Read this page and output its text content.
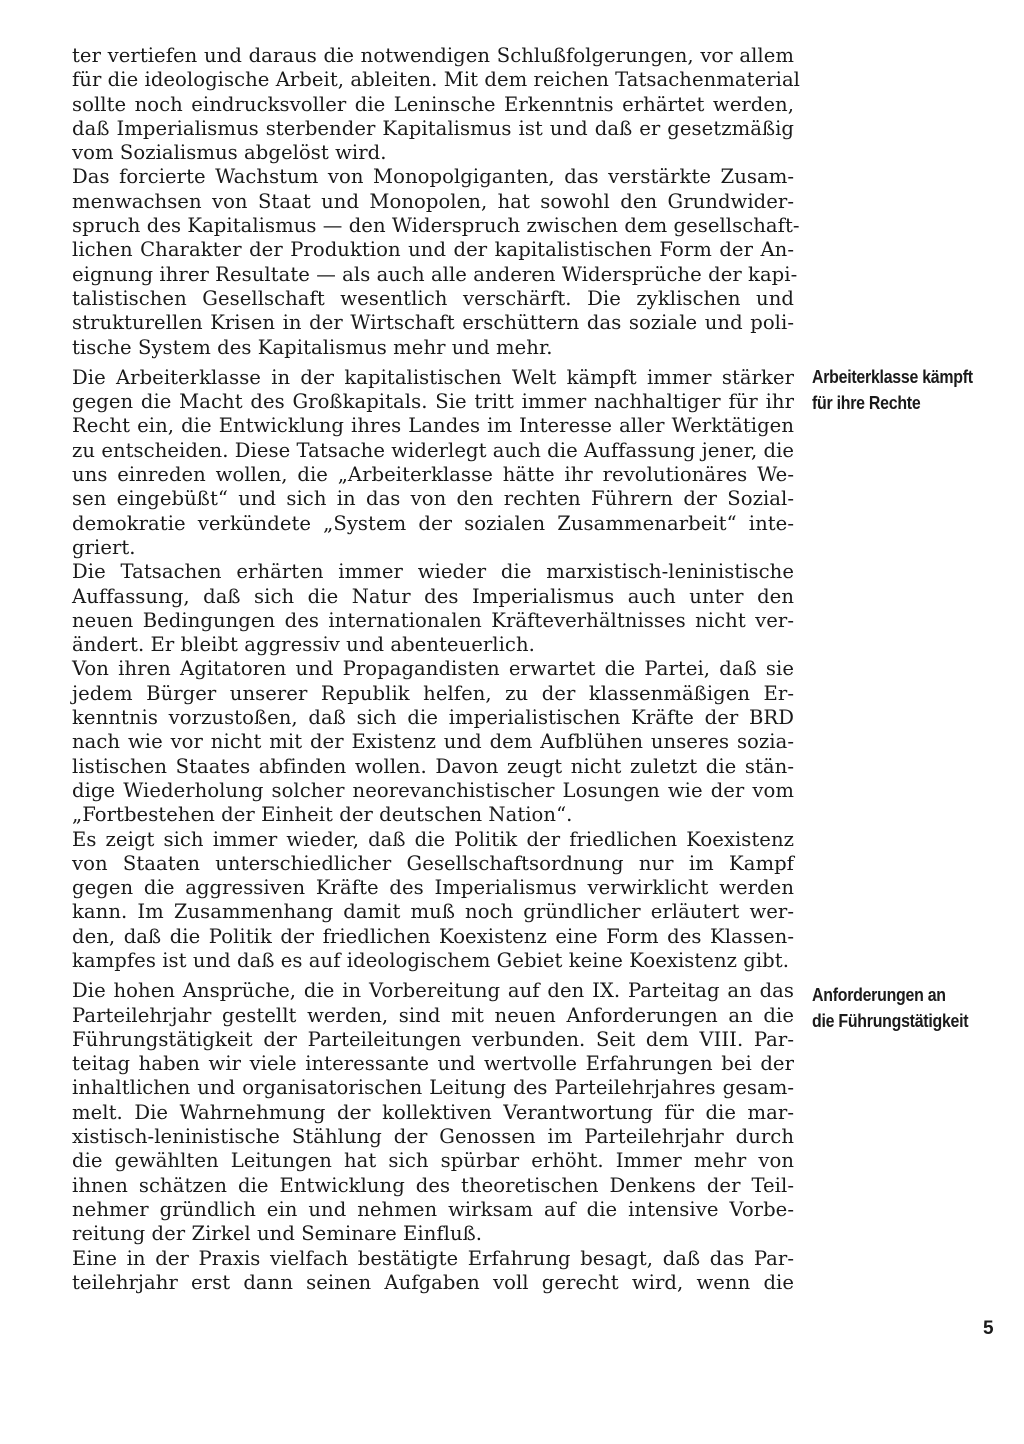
ter vertiefen und daraus die notwendigen Schlußfolgerungen, vor allem
für die ideologische Arbeit, ableiten. Mit dem reichen Tatsachenmaterial
sollte noch eindrucksvoller die Leninsche Erkenntnis erhärtet werden,
daß Imperialismus sterbender Kapitalismus ist und daß er gesetzmäßig
vom Sozialismus abgelöst wird.
Das forcierte Wachstum von Monopolgiganten, das verstärkte Zusam-
menwachsen von Staat und Monopolen, hat sowohl den Grundwider-
spruch des Kapitalismus — den Widerspruch zwischen dem gesellschaft-
lichen Charakter der Produktion und der kapitalistischen Form der An-
eignung ihrer Resultate — als auch alle anderen Widersprüche der kapi-
talistischen Gesellschaft wesentlich verschärft. Die zyklischen und
strukturellen Krisen in der Wirtschaft erschüttern das soziale und poli-
tische System des Kapitalismus mehr und mehr.
Die Arbeiterklasse in der kapitalistischen Welt kämpft immer stärker
gegen die Macht des Großkapitals. Sie tritt immer nachhaltiger für ihr
Recht ein, die Entwicklung ihres Landes im Interesse aller Werktätigen
zu entscheiden. Diese Tatsache widerlegt auch die Auffassung jener, die
uns einreden wollen, die „Arbeiterklasse hätte ihr revolutionäres We-
sen eingebüßt“ und sich in das von den rechten Führern der Sozial-
demokratie verkündete „System der sozialen Zusammenarbeit“ inte-
griert.
Die Tatsachen erhärten immer wieder die marxistisch-leninistische
Auffassung, daß sich die Natur des Imperialismus auch unter den
neuen Bedingungen des internationalen Kräfteverhältnisses nicht ver-
ändert. Er bleibt aggressiv und abenteuerlich.
Von ihren Agitatoren und Propagandisten erwartet die Partei, daß sie
jedem Bürger unserer Republik helfen, zu der klassenmäßigen Er-
kenntnis vorzustoßen, daß sich die imperialistischen Kräfte der BRD
nach wie vor nicht mit der Existenz und dem Aufblühen unseres sozia-
listischen Staates abfinden wollen. Davon zeugt nicht zuletzt die stän-
dige Wiederholung solcher neorevanchistischer Losungen wie der vom
„Fortbestehen der Einheit der deutschen Nation“.
Es zeigt sich immer wieder, daß die Politik der friedlichen Koexistenz
von Staaten unterschiedlicher Gesellschaftsordnung nur im Kampf
gegen die aggressiven Kräfte des Imperialismus verwirklicht werden
kann. Im Zusammenhang damit muß noch gründlicher erläutert wer-
den, daß die Politik der friedlichen Koexistenz eine Form des Klassen-
kampfes ist und daß es auf ideologischem Gebiet keine Koexistenz gibt.
Die hohen Ansprüche, die in Vorbereitung auf den IX. Parteitag an das
Parteilehrjahr gestellt werden, sind mit neuen Anforderungen an die
Führungstätigkeit der Parteileitungen verbunden. Seit dem VIII. Par-
teitag haben wir viele interessante und wertvolle Erfahrungen bei der
inhaltlichen und organisatorischen Leitung des Parteilehrjahres gesam-
melt. Die Wahrnehmung der kollektiven Verantwortung für die mar-
xistisch-leninistische Stählung der Genossen im Parteilehrjahr durch
die gewählten Leitungen hat sich spürbar erhöht. Immer mehr von
ihnen schätzen die Entwicklung des theoretischen Denkens der Teil-
nehmer gründlich ein und nehmen wirksam auf die intensive Vorbe-
reitung der Zirkel und Seminare Einfluß.
Eine in der Praxis vielfach bestätigte Erfahrung besagt, daß das Par-
teilehrjahr erst dann seinen Aufgaben voll gerecht wird, wenn die
Arbeiterklasse kämpft
für ihre Rechte
Anforderungen an
die Führungstätigkeit
5
